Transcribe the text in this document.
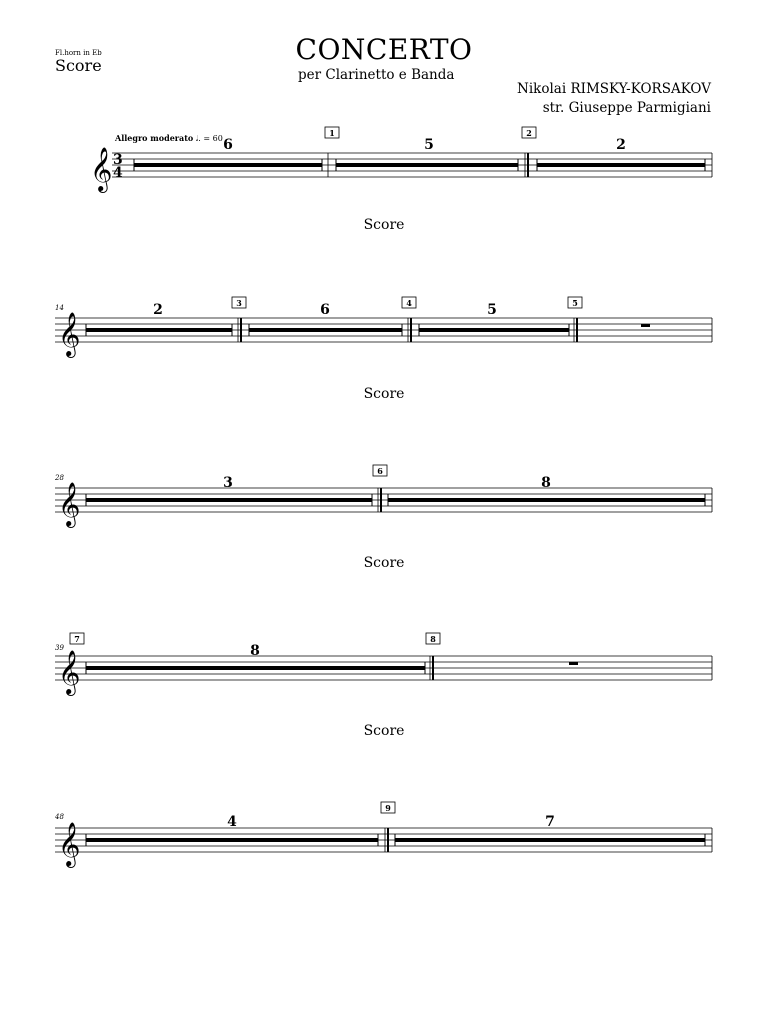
Fl.horn in Eb
Score	CONCERTO
per Clarinetto e Banda
Nikolai RIMSKY-KORSAKOV
str. Giuseppe Parmigiani
Allegro moderato 𝅗𝅥. = 60
𝄞 3
4
6
1
5
2
2
Score
14
𝄞
2	3	6	4	5	5
Score
28
𝄞	3
6
8
Score
7
39
𝄞	8
8
Score
48
𝄞	4
9
7
